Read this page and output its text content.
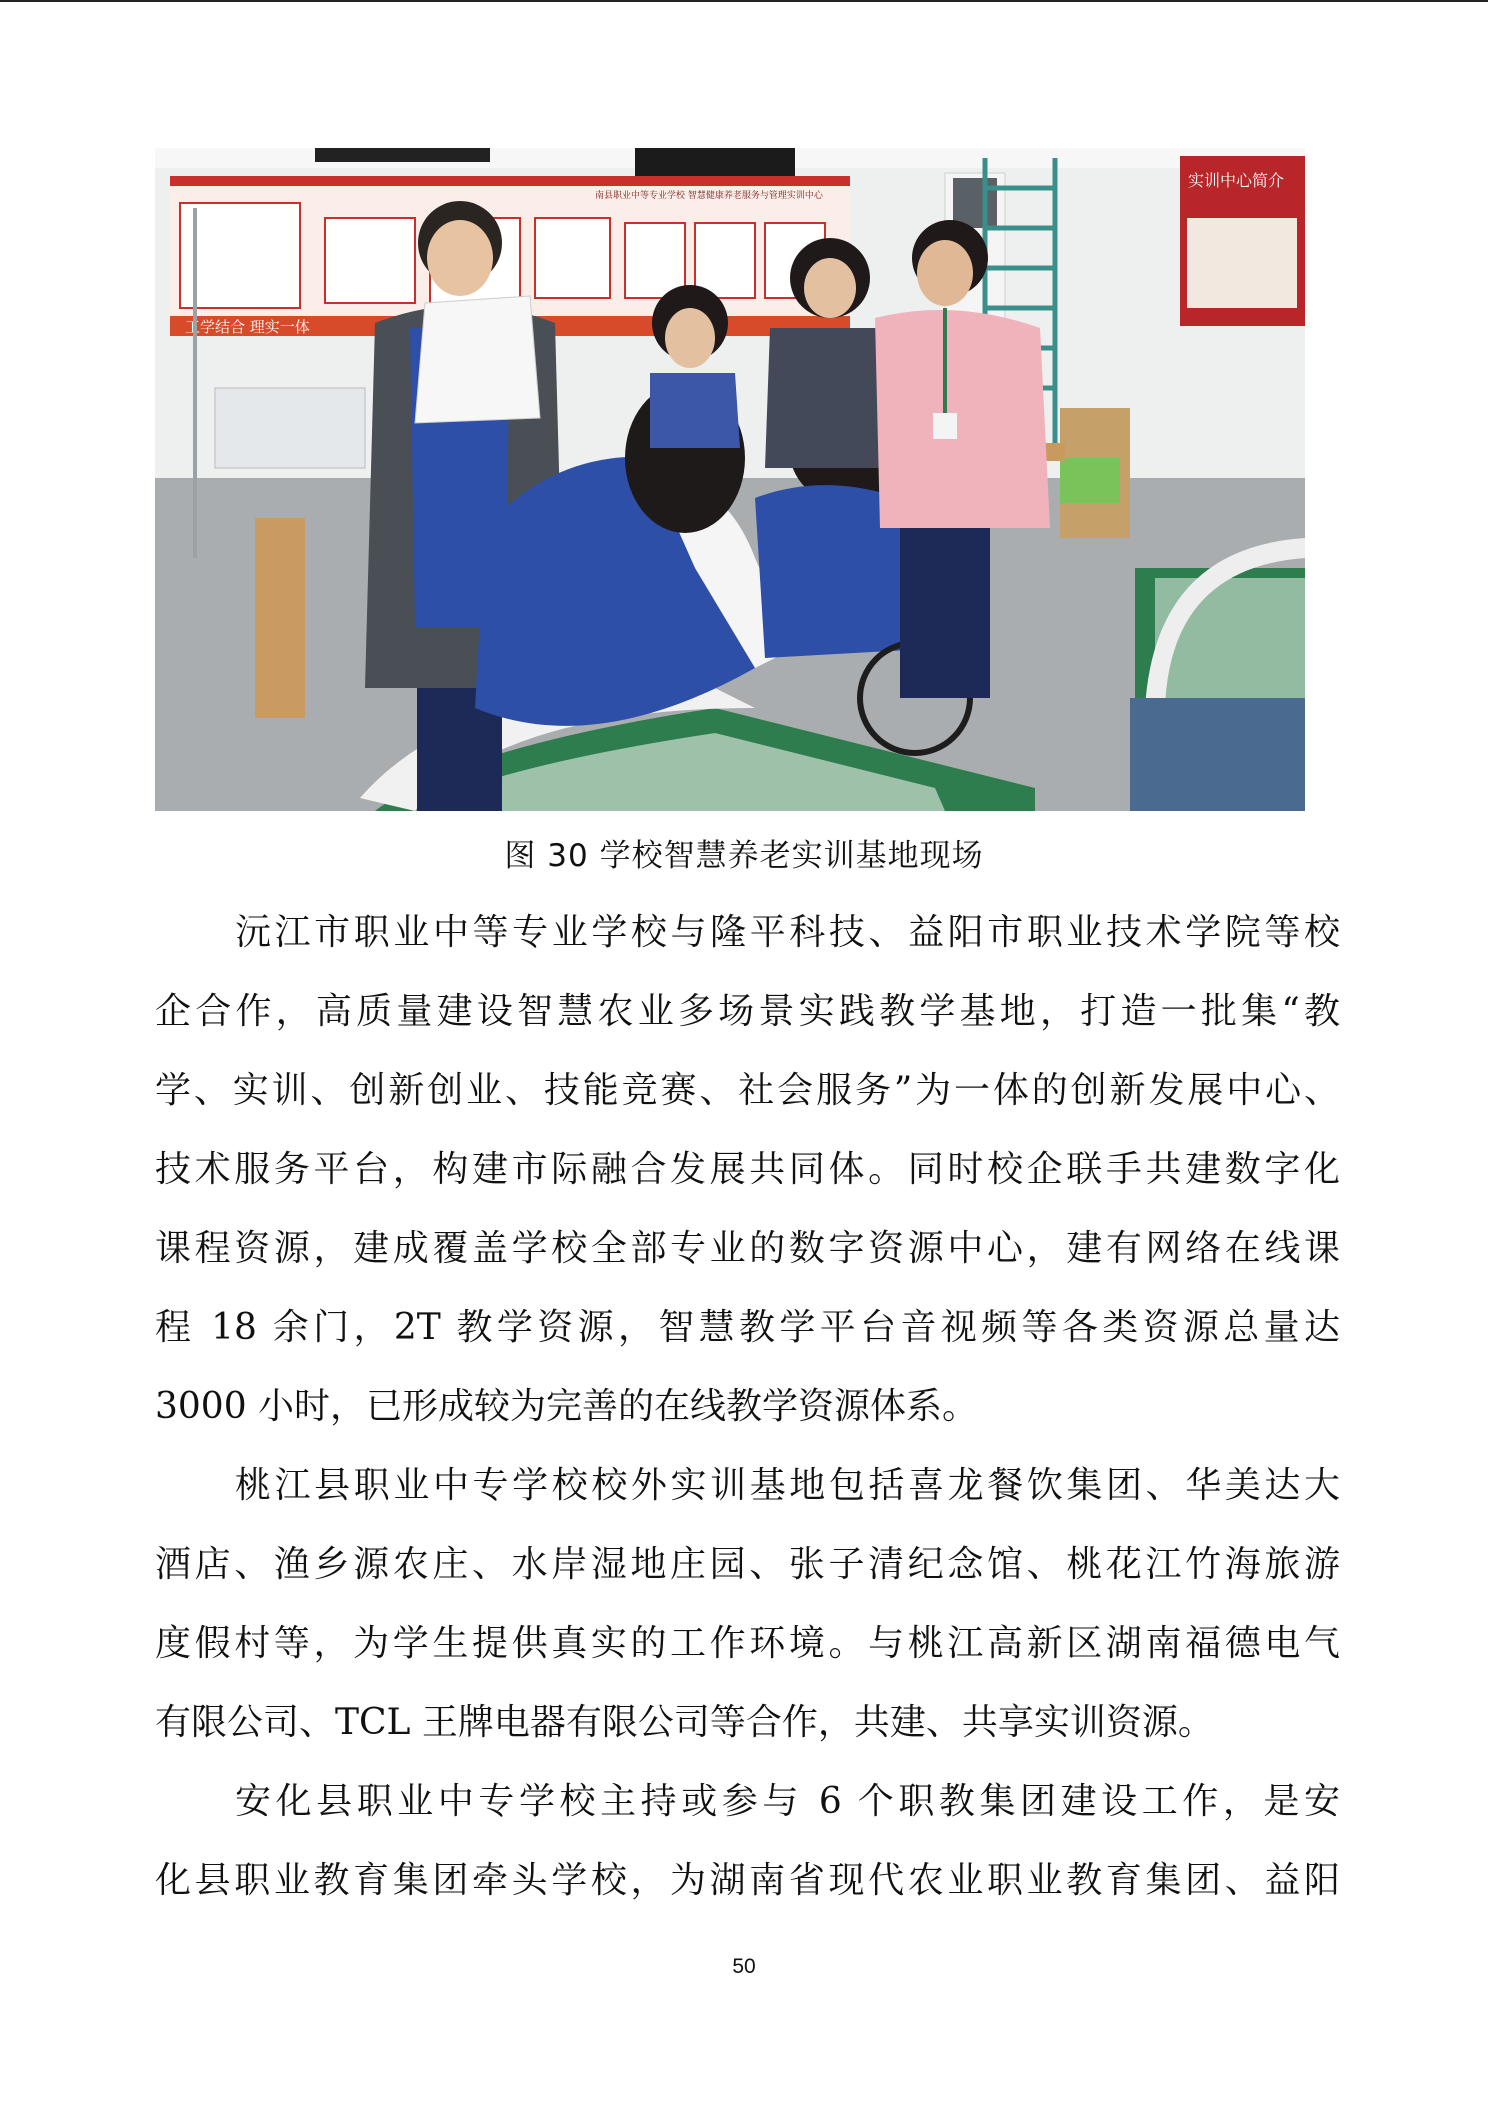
工学结合 理实一体
南县职业中等专业学校 智慧健康养老服务与管理实训中心
实训中心简介
图 30 学校智慧养老实训基地现场
沅江市职业中等专业学校与隆平科技、益阳市职业技术学院等校
企合作，高质量建设智慧农业多场景实践教学基地，打造一批集“教
学、实训、创新创业、技能竞赛、社会服务”为一体的创新发展中心、
技术服务平台，构建市际融合发展共同体。同时校企联手共建数字化
课程资源，建成覆盖学校全部专业的数字资源中心，建有网络在线课
程 18 余门，2T 教学资源，智慧教学平台音视频等各类资源总量达
3000 小时，已形成较为完善的在线教学资源体系。
桃江县职业中专学校校外实训基地包括喜龙餐饮集团、华美达大
酒店、渔乡源农庄、水岸湿地庄园、张子清纪念馆、桃花江竹海旅游
度假村等，为学生提供真实的工作环境。与桃江高新区湖南福德电气
有限公司、TCL 王牌电器有限公司等合作，共建、共享实训资源。
安化县职业中专学校主持或参与 6 个职教集团建设工作，是安
化县职业教育集团牵头学校，为湖南省现代农业职业教育集团、益阳
50
